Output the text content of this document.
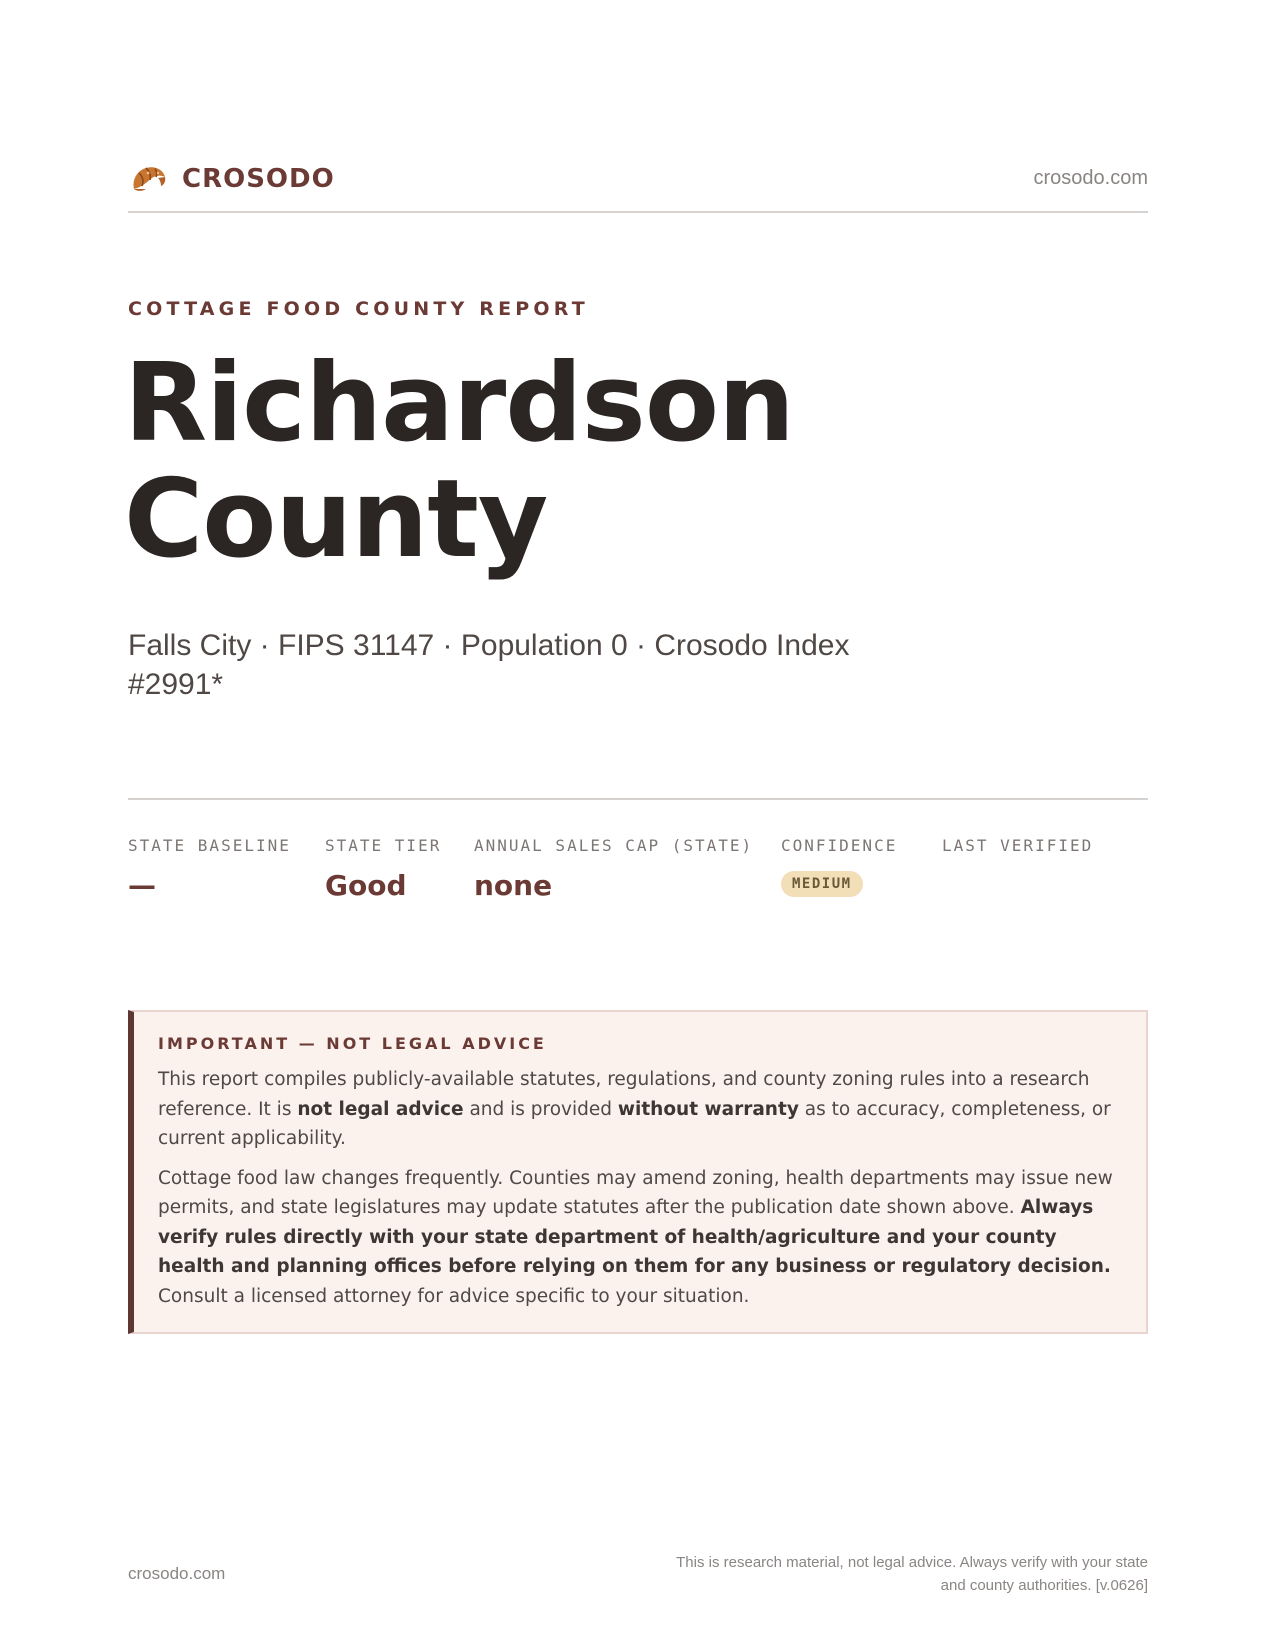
CROSODO	crosodo.com
COTTAGE FOOD COUNTY REPORT
Richardson
County
Falls City · FIPS 31147 · Population 0 · Crosodo Index #2991*
STATE BASELINE
—
STATE TIER
Good
ANNUAL SALES CAP (STATE)
none
CONFIDENCE
MEDIUM
LAST VERIFIED
IMPORTANT — NOT LEGAL ADVICE

This report compiles publicly-available statutes, regulations, and county zoning rules into a research reference. It is not legal advice and is provided without warranty as to accuracy, completeness, or current applicability.

Cottage food law changes frequently. Counties may amend zoning, health departments may issue new permits, and state legislatures may update statutes after the publication date shown above. Always verify rules directly with your state department of health/agriculture and your county health and planning offices before relying on them for any business or regulatory decision. Consult a licensed attorney for advice specific to your situation.

crosodo.com
This is research material, not legal advice. Always verify with your state
and county authorities. [v.0626]
